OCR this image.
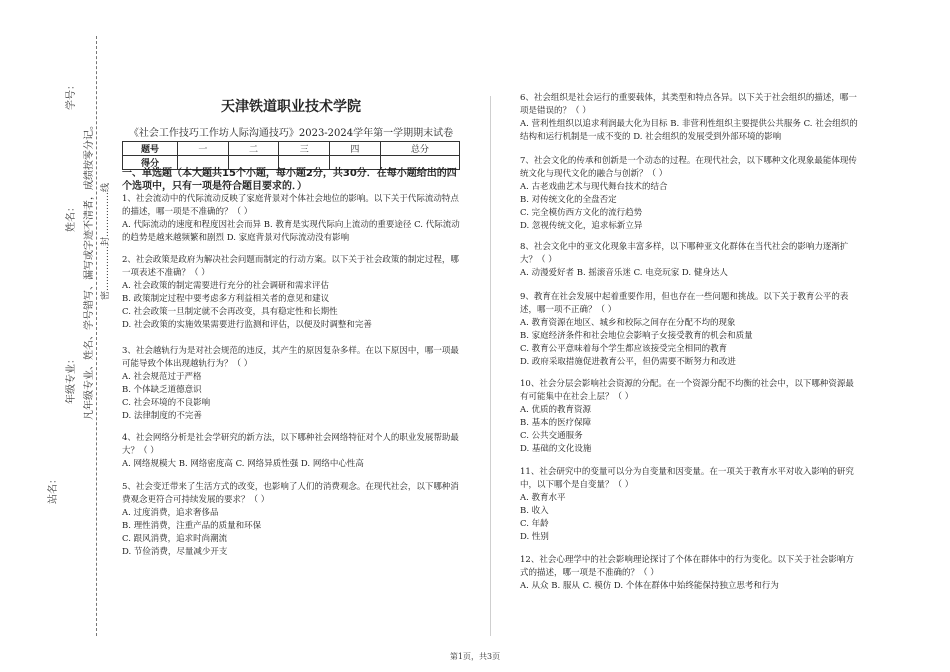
学号：
姓名：
年级专业：
站名：
凡年级专业、姓名、学号错写、漏写或字迹不清者，成绩按零分记。 密……………封……………线
天津铁道职业技术学院
《社会工作技巧工作坊人际沟通技巧》2023-2024学年第一学期期末试卷
题号	一	二	三	四	总分
得分					
一、单选题（本大题共15个小题，每小题2分，共30分．在每小题给出的四个选项中，只有一项是符合题目要求的．）
1、社会流动中的代际流动反映了家庭背景对个体社会地位的影响。以下关于代际流动特点的描述，哪一项是不准确的？（ ）
A. 代际流动的速度和程度因社会而异 B. 教育是实现代际向上流动的重要途径 C. 代际流动的趋势是越来越频繁和剧烈 D. 家庭背景对代际流动没有影响
2、社会政策是政府为解决社会问题而制定的行动方案。以下关于社会政策的制定过程，哪一项表述不准确？（ ）
A. 社会政策的制定需要进行充分的社会调研和需求评估
B. 政策制定过程中要考虑多方利益相关者的意见和建议
C. 社会政策一旦制定就不会再改变，具有稳定性和长期性
D. 社会政策的实施效果需要进行监测和评估，以便及时调整和完善
3、社会越轨行为是对社会规范的违反，其产生的原因复杂多样。在以下原因中，哪一项最可能导致个体出现越轨行为？（ ）
A. 社会规范过于严格
B. 个体缺乏道德意识
C. 社会环境的不良影响
D. 法律制度的不完善
4、社会网络分析是社会学研究的新方法，以下哪种社会网络特征对个人的职业发展帮助最大？（ ）
A. 网络规模大 B. 网络密度高 C. 网络异质性强 D. 网络中心性高
5、社会变迁带来了生活方式的改变，也影响了人们的消费观念。在现代社会，以下哪种消费观念更符合可持续发展的要求？（ ）
A. 过度消费，追求奢侈品
B. 理性消费，注重产品的质量和环保
C. 跟风消费，追求时尚潮流
D. 节俭消费，尽量减少开支
6、社会组织是社会运行的重要载体，其类型和特点各异。以下关于社会组织的描述，哪一项是错误的？（ ）
A. 营利性组织以追求利润最大化为目标 B. 非营利性组织主要提供公共服务 C. 社会组织的结构和运行机制是一成不变的 D. 社会组织的发展受到外部环境的影响
7、社会文化的传承和创新是一个动态的过程。在现代社会，以下哪种文化现象最能体现传统文化与现代文化的融合与创新？（ ）
A. 古老戏曲艺术与现代舞台技术的结合
B. 对传统文化的全盘否定
C. 完全模仿西方文化的流行趋势
D. 忽视传统文化，追求标新立异
8、社会文化中的亚文化现象丰富多样，以下哪种亚文化群体在当代社会的影响力逐渐扩大？（ ）
A. 动漫爱好者 B. 摇滚音乐迷 C. 电竞玩家 D. 健身达人
9、教育在社会发展中起着重要作用，但也存在一些问题和挑战。以下关于教育公平的表述，哪一项不正确？（ ）
A. 教育资源在地区、城乡和校际之间存在分配不均的现象
B. 家庭经济条件和社会地位会影响子女接受教育的机会和质量
C. 教育公平意味着每个学生都应该接受完全相同的教育
D. 政府采取措施促进教育公平，但仍需要不断努力和改进
10、社会分层会影响社会资源的分配。在一个资源分配不均衡的社会中，以下哪种资源最有可能集中在社会上层？（ ）
A. 优质的教育资源
B. 基本的医疗保障
C. 公共交通服务
D. 基础的文化设施
11、社会研究中的变量可以分为自变量和因变量。在一项关于教育水平对收入影响的研究中，以下哪个是自变量？（ ）
A. 教育水平
B. 收入
C. 年龄
D. 性别
12、社会心理学中的社会影响理论探讨了个体在群体中的行为变化。以下关于社会影响方式的描述，哪一项是不准确的？（ ）
A. 从众 B. 服从 C. 模仿 D. 个体在群体中始终能保持独立思考和行为
第1页，共3页
